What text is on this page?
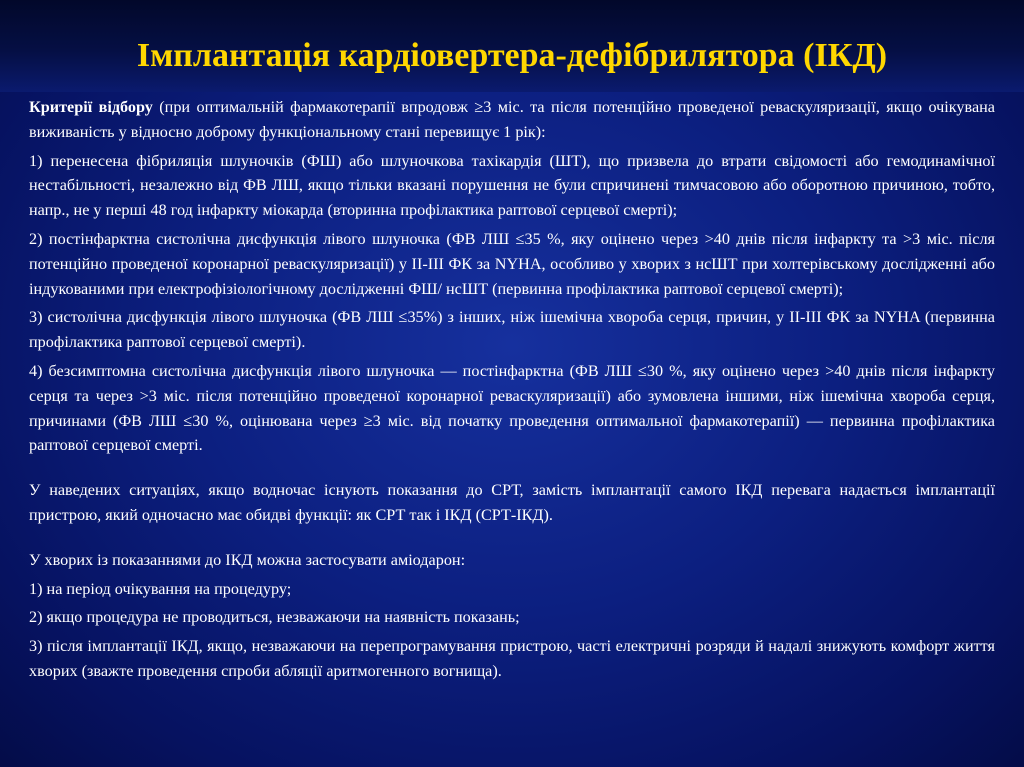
Імплантація кардіовертера-дефібрилятора (ІКД)

Критерії відбору (при оптимальній фармакотерапії впродовж ≥3 міс. та після потенційно проведеної реваскуляризації, якщо очікувана виживаність у відносно доброму функціональному стані перевищує 1 рік):

1) перенесена фібриляція шлуночків (ФШ) або шлуночкова тахікардія (ШТ), що призвела до втрати свідомості або гемодинамічної нестабільності, незалежно від ФВ ЛШ, якщо тільки вказані порушення не були спричинені тимчасовою або оборотною причиною, тобто, напр., не у перші 48 год інфаркту міокарда (вторинна профілактика раптової серцевої смерті);

2) постінфарктна систолічна дисфункція лівого шлуночка (ФВ ЛШ ≤35 %, яку оцінено через >40 днів після інфаркту та >3 міс. після потенційно проведеної коронарної реваскуляризації) у ІІ-ІІІ ФК за NYHA, особливо у хворих з нсШТ при холтерівському дослідженні або індукованими при електрофізіологічному дослідженні ФШ/ нсШТ (первинна профілактика раптової серцевої смерті);

3) систолічна дисфункція лівого шлуночка (ФВ ЛШ ≤35%) з інших, ніж ішемічна хвороба серця, причин, у ІІ-ІІІ ФК за NYHA (первинна профілактика раптової серцевої смерті).

4) безсимптомна систолічна дисфункція лівого шлуночка — постінфарктна (ФВ ЛШ ≤30 %, яку оцінено через >40 днів після інфаркту серця та через >3 міс. після потенційно проведеної коронарної реваскуляризації) або зумовлена іншими, ніж ішемічна хвороба серця, причинами (ФВ ЛШ ≤30 %, оцінювана через ≥3 міс. від початку проведення оптимальної фармакотерапії) — первинна профілактика раптової серцевої смерті.

У наведених ситуаціях, якщо водночас існують показання до СРТ, замість імплантації самого ІКД перевага надається імплантації пристрою, який одночасно має обидві функції: як СРТ так і ІКД (СРТ-ІКД).

У хворих із показаннями до ІКД можна застосувати аміодарон:

1) на період очікування на процедуру;

2) якщо процедура не проводиться, незважаючи на наявність показань;

3) після імплантації ІКД, якщо, незважаючи на перепрограмування пристрою, часті електричні розряди й надалі знижують комфорт життя хворих (зважте проведення спроби абляції аритмогенного вогнища).
